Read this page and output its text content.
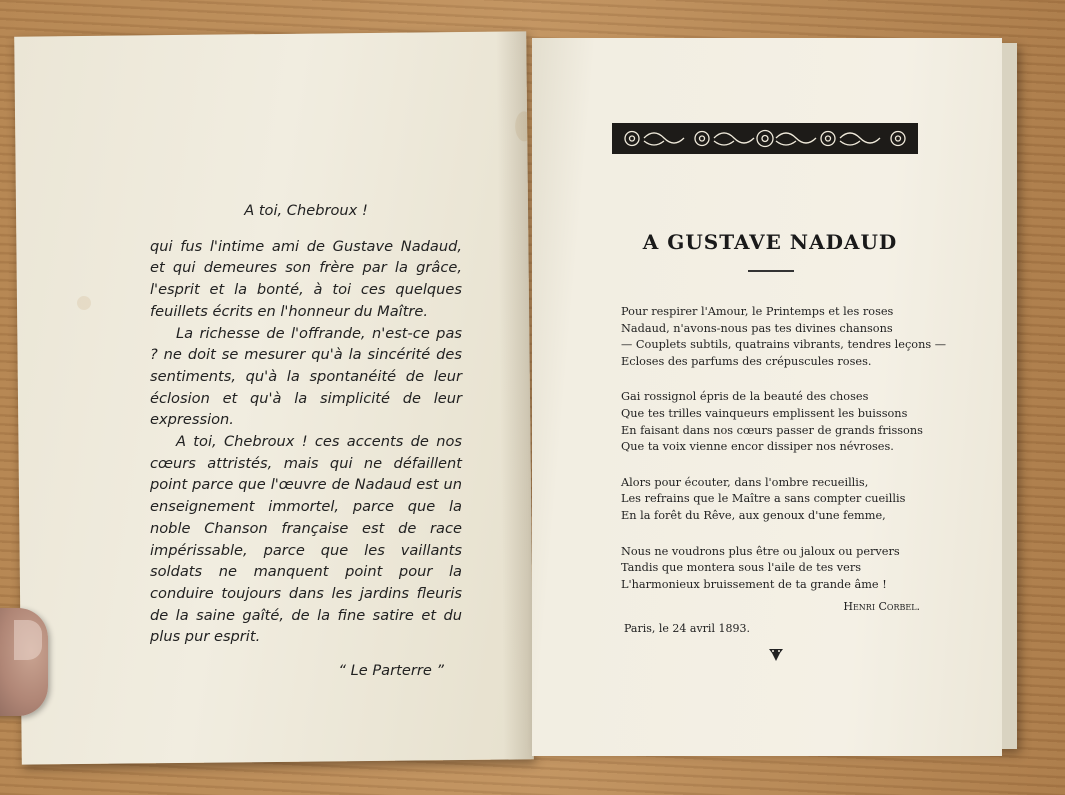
A toi, Chebroux !

qui fus l'intime ami de Gustave Nadaud, et qui demeures son frère par la grâce, l'esprit et la bonté, à toi ces quelques feuillets écrits en l'honneur du Maître.

La richesse de l'offrande, n'est-ce pas ? ne doit se mesurer qu'à la sincérité des sentiments, qu'à la spontanéité de leur éclosion et qu'à la simplicité de leur expression.

A toi, Chebroux ! ces accents de nos cœurs attristés, mais qui ne défaillent point parce que l'œuvre de Nadaud est un enseignement immortel, parce que la noble Chanson française est de race impérissable, parce que les vaillants soldats ne manquent point pour la conduire toujours dans les jardins fleuris de la saine gaîté, de la fine satire et du plus pur esprit.

“ Le Parterre ”
A GUSTAVE NADAUD
Pour respirer l'Amour, le Printemps et les roses
Nadaud, n'avons-nous pas tes divines chansons
— Couplets subtils, quatrains vibrants, tendres leçons —
Ecloses des parfums des crépuscules roses.
Gai rossignol épris de la beauté des choses
Que tes trilles vainqueurs emplissent les buissons
En faisant dans nos cœurs passer de grands frissons
Que ta voix vienne encor dissiper nos névroses.
Alors pour écouter, dans l'ombre recueillis,
Les refrains que le Maître a sans compter cueillis
En la forêt du Rêve, aux genoux d'une femme,
Nous ne voudrons plus être ou jaloux ou pervers
Tandis que montera sous l'aile de tes vers
L'harmonieux bruissement de ta grande âme !
Henri Corbel.
Paris, le 24 avril 1893.
